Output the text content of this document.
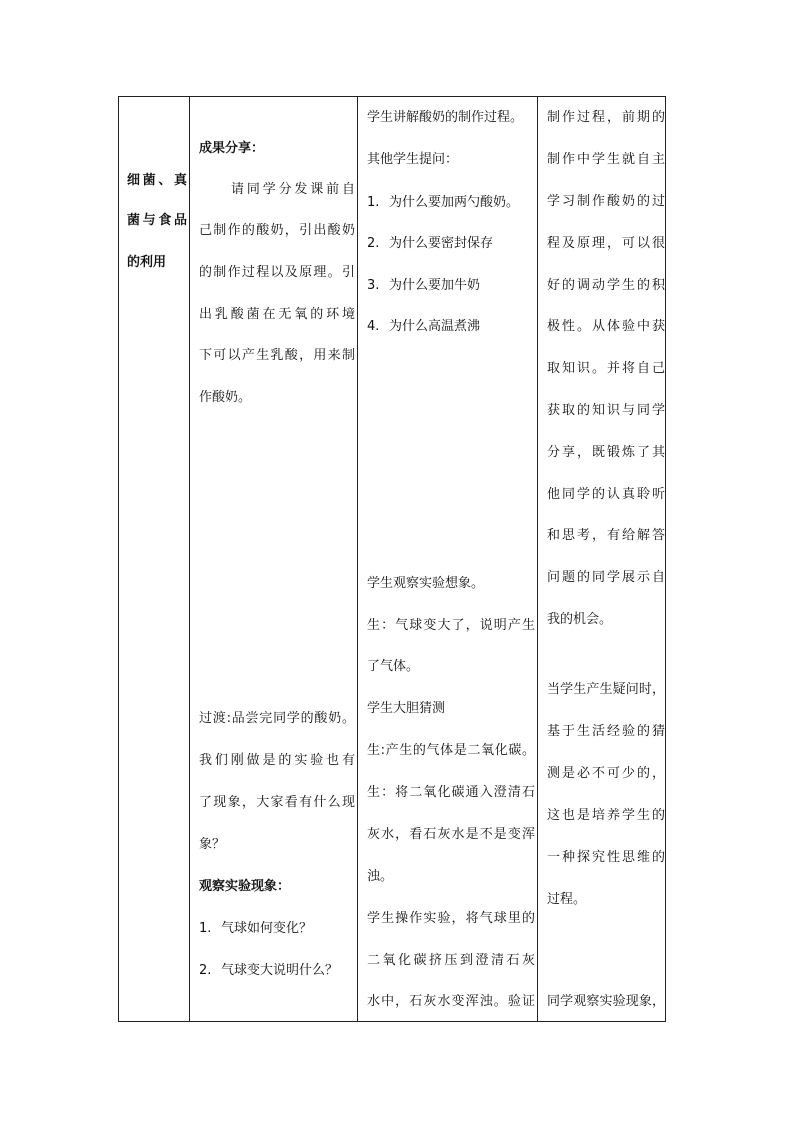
细菌、真
菌与食品
的利用
成果分享：
请同学分发课前自
己制作的酸奶，引出酸奶
的制作过程以及原理。引
出乳酸菌在无氧的环境
下可以产生乳酸，用来制
作酸奶。
过渡:品尝完同学的酸奶。
我们刚做是的实验也有
了现象，大家看有什么现
象？
观察实验现象：
1. 气球如何变化？
2. 气球变大说明什么？
学生讲解酸奶的制作过程。
其他学生提问：
1. 为什么要加两勺酸奶。
2. 为什么要密封保存
3. 为什么要加牛奶
4. 为什么高温煮沸
学生观察实验想象。
生：气球变大了，说明产生
了气体。
学生大胆猜测
生:产生的气体是二氧化碳。
生：将二氧化碳通入澄清石
灰水，看石灰水是不是变浑
浊。
学生操作实验，将气球里的
二氧化碳挤压到澄清石灰
水中，石灰水变浑浊。验证
制作过程，前期的
制作中学生就自主
学习制作酸奶的过
程及原理，可以很
好的调动学生的积
极性。从体验中获
取知识。并将自己
获取的知识与同学
分享，既锻炼了其
他同学的认真聆听
和思考，有给解答
问题的同学展示自
我的机会。
当学生产生疑问时，
基于生活经验的猜
测是必不可少的，
这也是培养学生的
一种探究性思维的
过程。
同学观察实验现象，
